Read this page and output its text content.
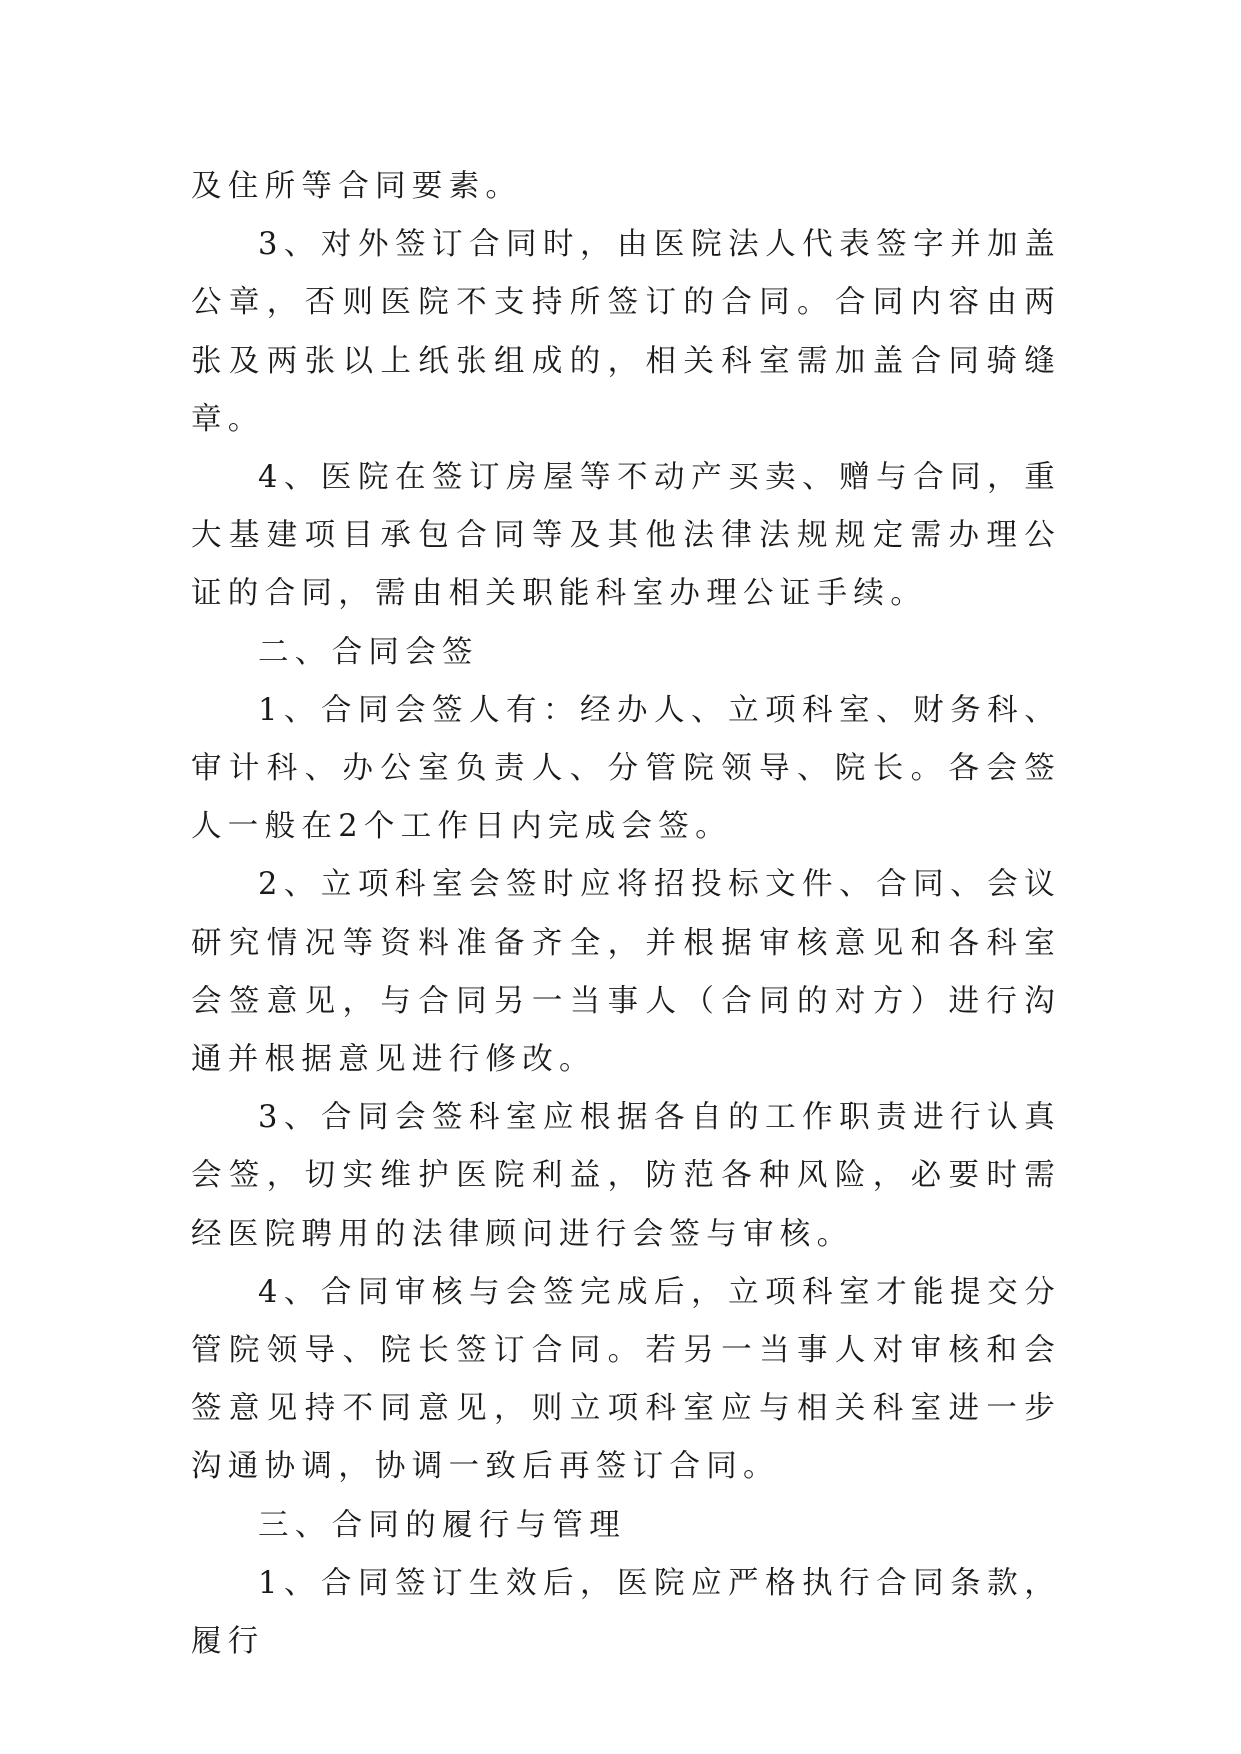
及住所等合同要素。

3、对外签订合同时，由医院法人代表签字并加盖公章，否则医院不支持所签订的合同。合同内容由两张及两张以上纸张组成的，相关科室需加盖合同骑缝章。

4、医院在签订房屋等不动产买卖、赠与合同，重大基建项目承包合同等及其他法律法规规定需办理公证的合同，需由相关职能科室办理公证手续。

二、合同会签

1、合同会签人有：经办人、立项科室、财务科、审计科、办公室负责人、分管院领导、院长。各会签人一般在2个工作日内完成会签。

2、立项科室会签时应将招投标文件、合同、会议研究情况等资料准备齐全，并根据审核意见和各科室会签意见，与合同另一当事人（合同的对方）进行沟通并根据意见进行修改。

3、合同会签科室应根据各自的工作职责进行认真会签，切实维护医院利益，防范各种风险，必要时需经医院聘用的法律顾问进行会签与审核。

4、合同审核与会签完成后，立项科室才能提交分管院领导、院长签订合同。若另一当事人对审核和会签意见持不同意见，则立项科室应与相关科室进一步沟通协调，协调一致后再签订合同。

三、合同的履行与管理

1、合同签订生效后，医院应严格执行合同条款，履行
